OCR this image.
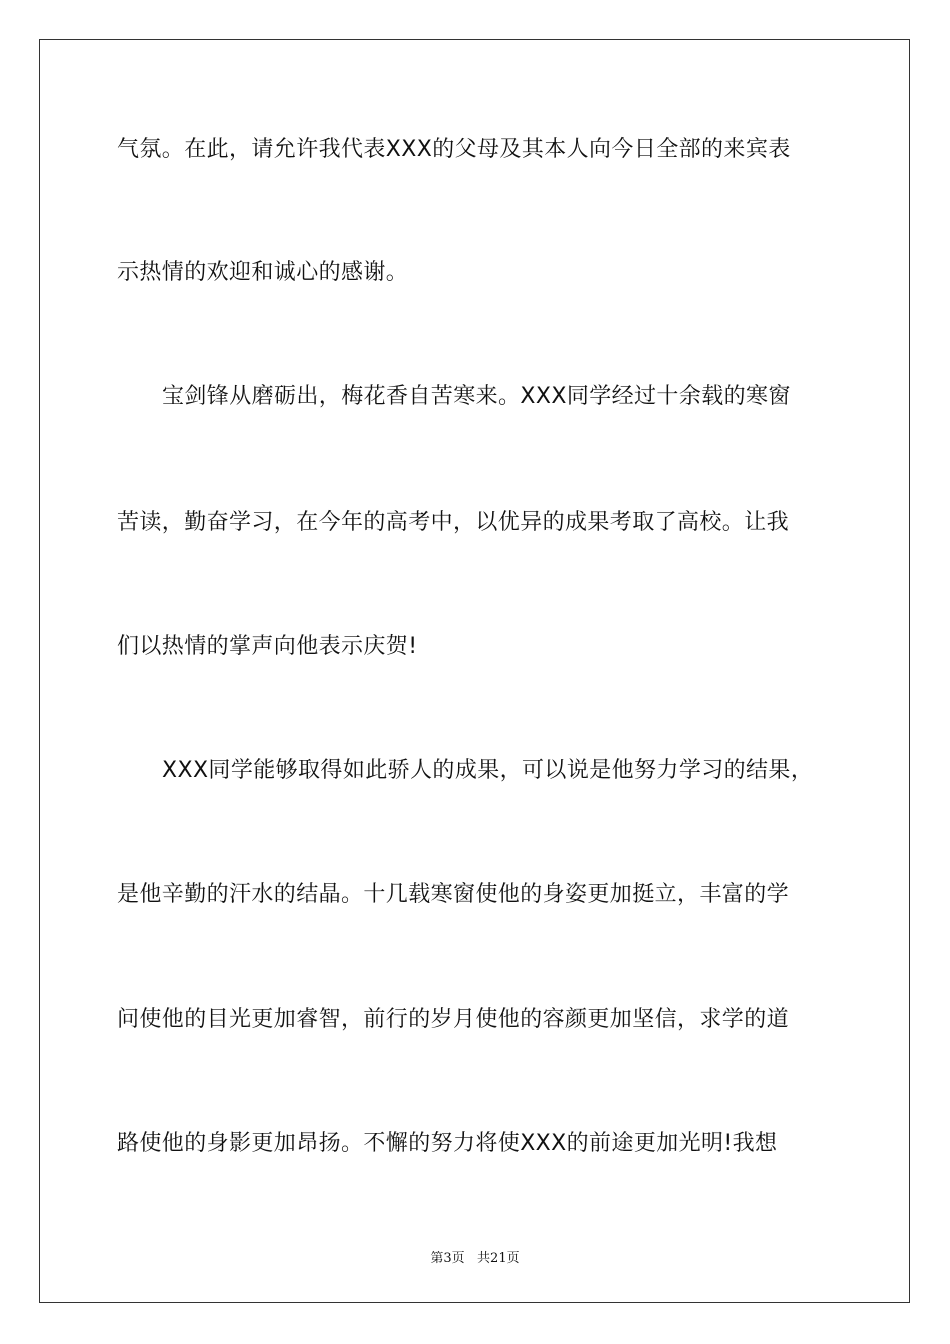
气氛。在此，请允许我代表XXX的父母及其本人向今日全部的来宾表
示热情的欢迎和诚心的感谢。
宝剑锋从磨砺出，梅花香自苦寒来。XXX同学经过十余载的寒窗
苦读，勤奋学习，在今年的高考中，以优异的成果考取了高校。让我
们以热情的掌声向他表示庆贺!
XXX同学能够取得如此骄人的成果，可以说是他努力学习的结果，
是他辛勤的汗水的结晶。十几载寒窗使他的身姿更加挺立，丰富的学
问使他的目光更加睿智，前行的岁月使他的容颜更加坚信，求学的道
路使他的身影更加昂扬。不懈的努力将使XXX的前途更加光明!我想
第3页   共21页
